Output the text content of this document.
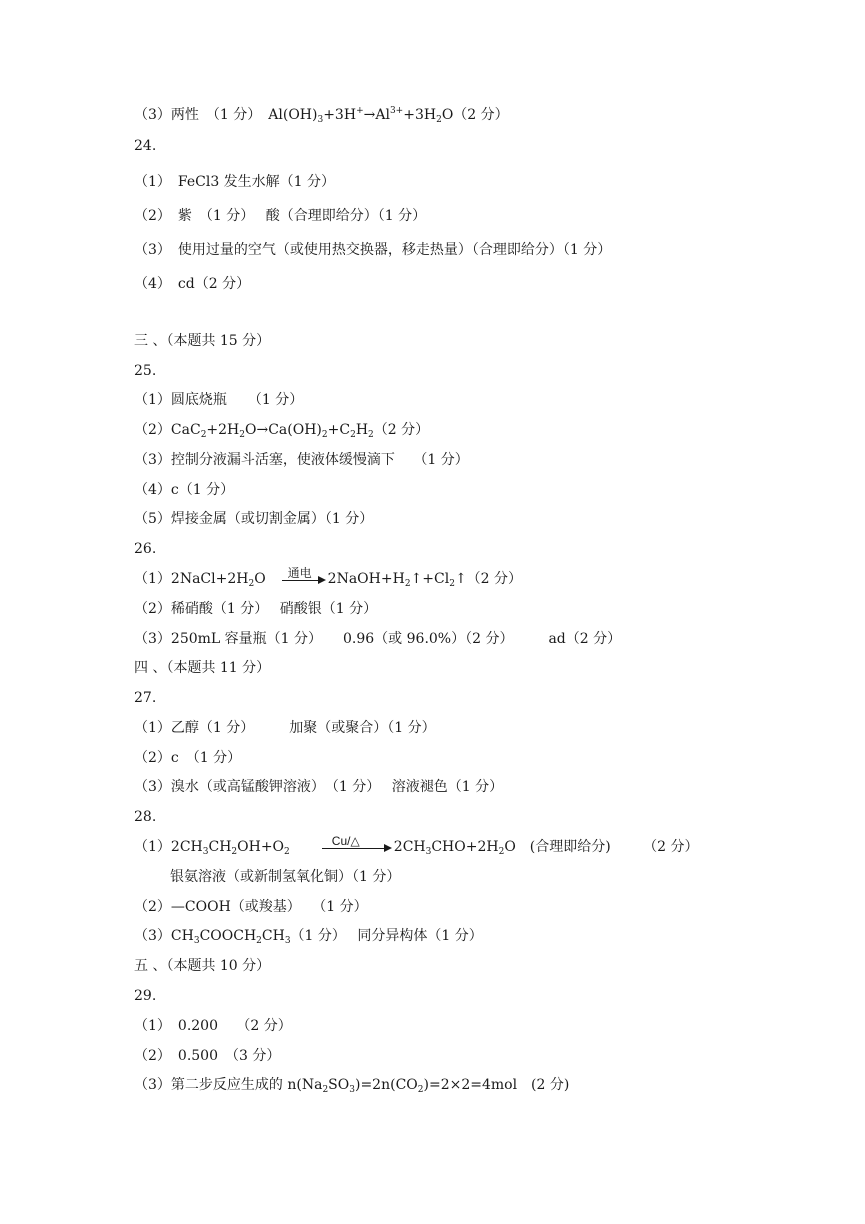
（3）两性　（1 分）　$Al(OH)_3+3H^+\to Al^{3+}+3H_2O(2$ 分）
24.
（1）　FeCl3 发生水解（1 分）
（2）　紫　（1 分）　 酸（合理即给分）（1 分）
（3）　使用过量的空气（或使用热交换器，移走热量）（合理即给分）（1 分）
（4）　cd（2 分）
三 、（本题共 15 分）
25.
（1）圆底烧瓶　　（1 分）
$(2)CaC_2+2H_2O\to Ca(OH)_2+C_2H_2(2$ 分）
（3）控制分液漏斗活塞，使液体缓慢滴下　 （1 分）
（4）c（1 分）
（5）焊接金属（或切割金属）（1 分）
26.
$(1)2NaCl+2H_2O$ 通电 $2NaOH+H_2↑+Cl_2↑(2$ 分）
（2）稀硝酸（1 分）　 硝酸银（1 分）
（3）250mL 容量瓶（1 分）　　0.96（或 96.0%）（2 分）　　　ad（2 分）
四 、（本题共 11 分）
27.
（1）乙醇（1 分）　　　加聚（或聚合）（1 分）
（2）c　（1 分）
（3）溴水（或高锰酸钾溶液）　（1 分）　 溶液褪色（1 分）
28.
$(1)2CH_3CH_2OH+O_2$
Cu/△ $2CH_3CHO+2H_2O$　(合理即给分)　　 （2 分）
银氨溶液（或新制氢氧化铜）（1 分）
（2）—COOH（或羧基）　 （1 分）
$(3)CH_3COOCH_2CH_3(1$ 分）　 同分异构体（1 分）
五 、（本题共 10 分）
29.
（1）　0.200　 （2 分）
（2）　0.500　（3 分）
（3）第二步反应生成的 $n(Na_2SO_3)=2n(CO_2)=2\times 2=4mol$　(2 分)
